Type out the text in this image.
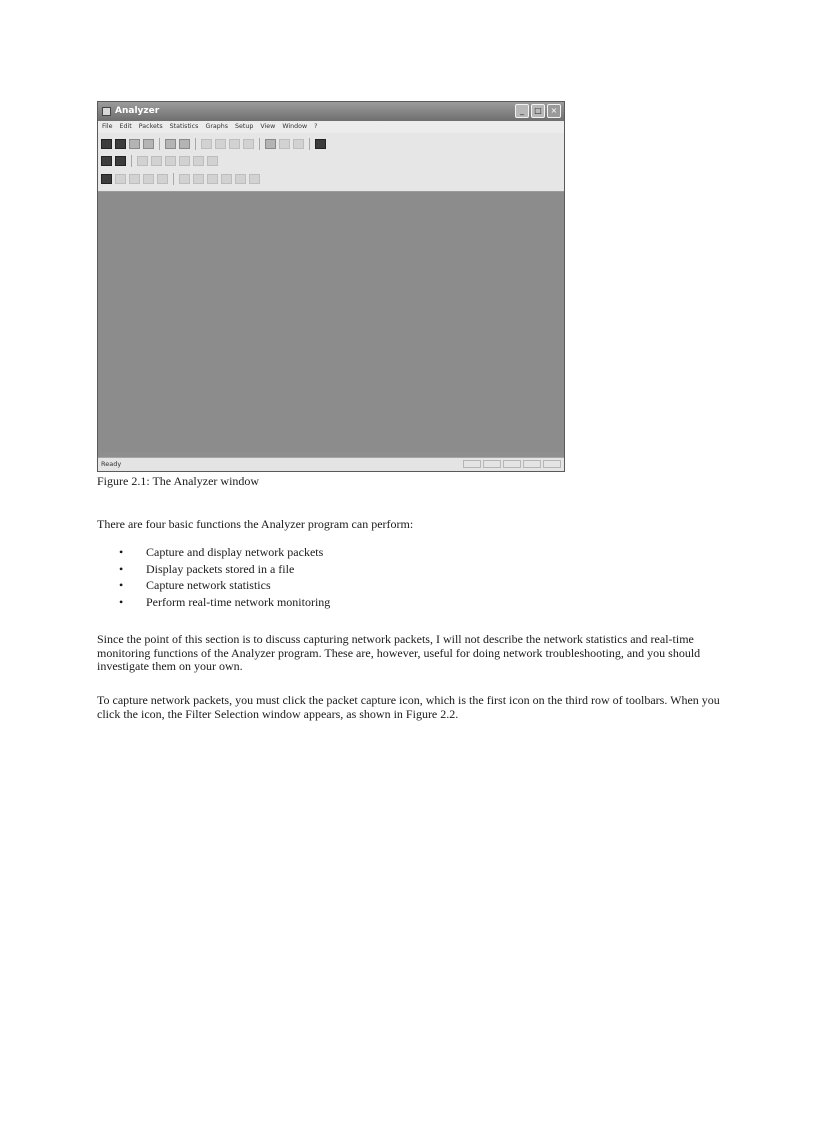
Analyzer	_	□	×
File Edit Packets Statistics Graphs Setup View Window ?
Ready
Figure 2.1: The Analyzer window

There are four basic functions the Analyzer program can perform:

• Capture and display network packets
• Display packets stored in a file
• Capture network statistics
• Perform real-time network monitoring

Since the point of this section is to discuss capturing network packets, I will not describe the network statistics and real-time monitoring functions of the Analyzer program. These are, however, useful for doing network troubleshooting, and you should investigate them on your own.

To capture network packets, you must click the packet capture icon, which is the first icon on the third row of toolbars. When you click the icon, the Filter Selection window appears, as shown in Figure 2.2.
